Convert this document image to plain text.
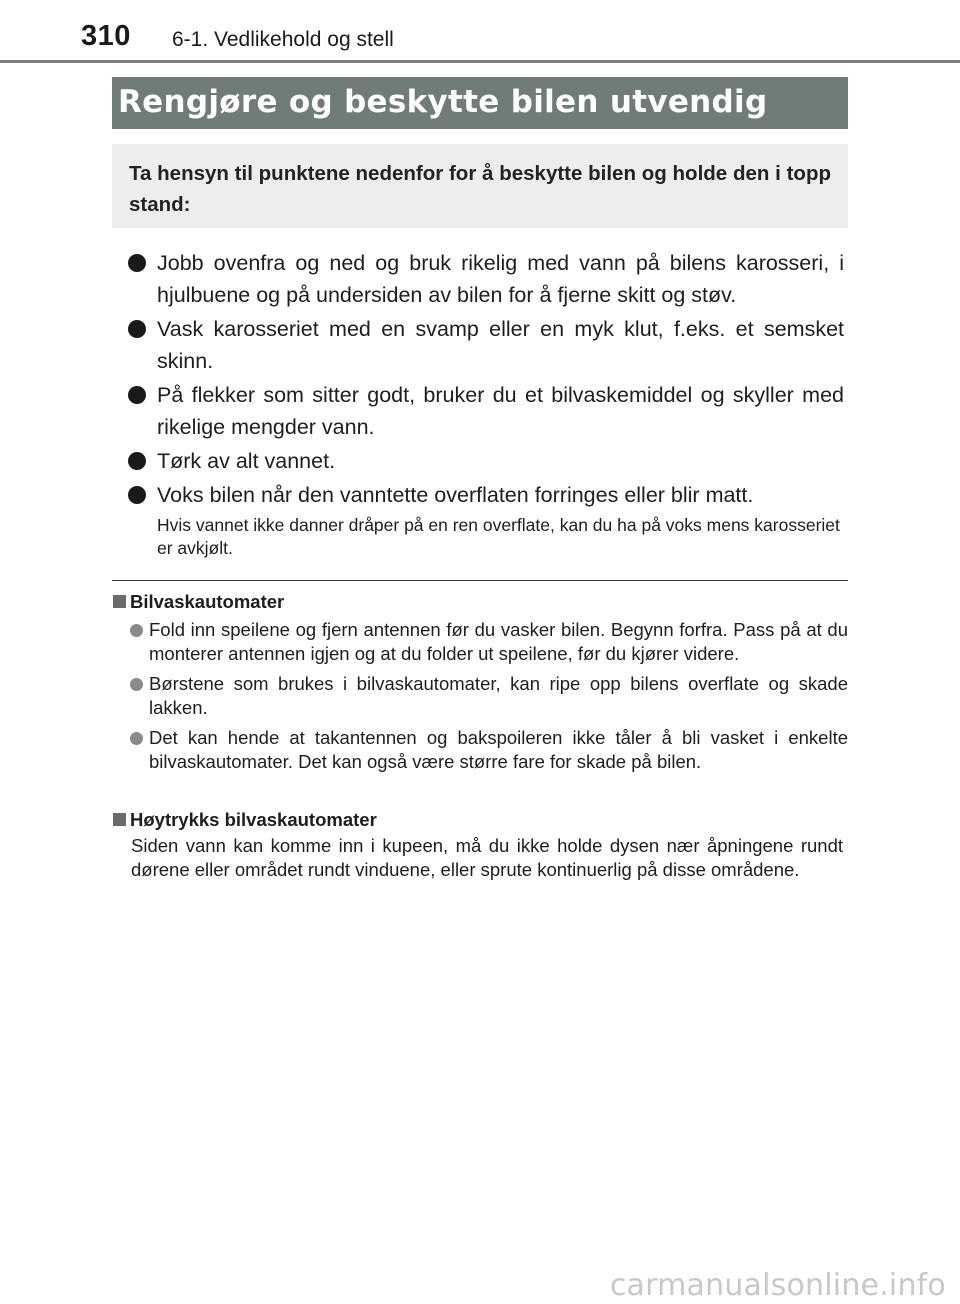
310 6-1. Vedlikehold og stell
Rengjøre og beskytte bilen utvendig

Ta hensyn til punktene nedenfor for å beskytte bilen og holde den i topp stand:

Jobb ovenfra og ned og bruk rikelig med vann på bilens karosseri, i hjulbuene og på undersiden av bilen for å fjerne skitt og støv.
Vask karosseriet med en svamp eller en myk klut, f.eks. et semsket skinn.
På flekker som sitter godt, bruker du et bilvaskemiddel og skyller med rikelige mengder vann.
Tørk av alt vannet.
Voks bilen når den vanntette overflaten forringes eller blir matt.

Hvis vannet ikke danner dråper på en ren overflate, kan du ha på voks mens karosseriet er avkjølt.

Bilvaskautomater
Fold inn speilene og fjern antennen før du vasker bilen. Begynn forfra. Pass på at du monterer antennen igjen og at du folder ut speilene, før du kjører videre.
Børstene som brukes i bilvaskautomater, kan ripe opp bilens overflate og skade lakken.
Det kan hende at takantennen og bakspoileren ikke tåler å bli vasket i enkelte bilvaskautomater. Det kan også være større fare for skade på bilen.
Høytrykks bilvaskautomater

Siden vann kan komme inn i kupeen, må du ikke holde dysen nær åpningene rundt dørene eller området rundt vinduene, eller sprute kontinuerlig på disse områdene.

carmanualsonline.info
